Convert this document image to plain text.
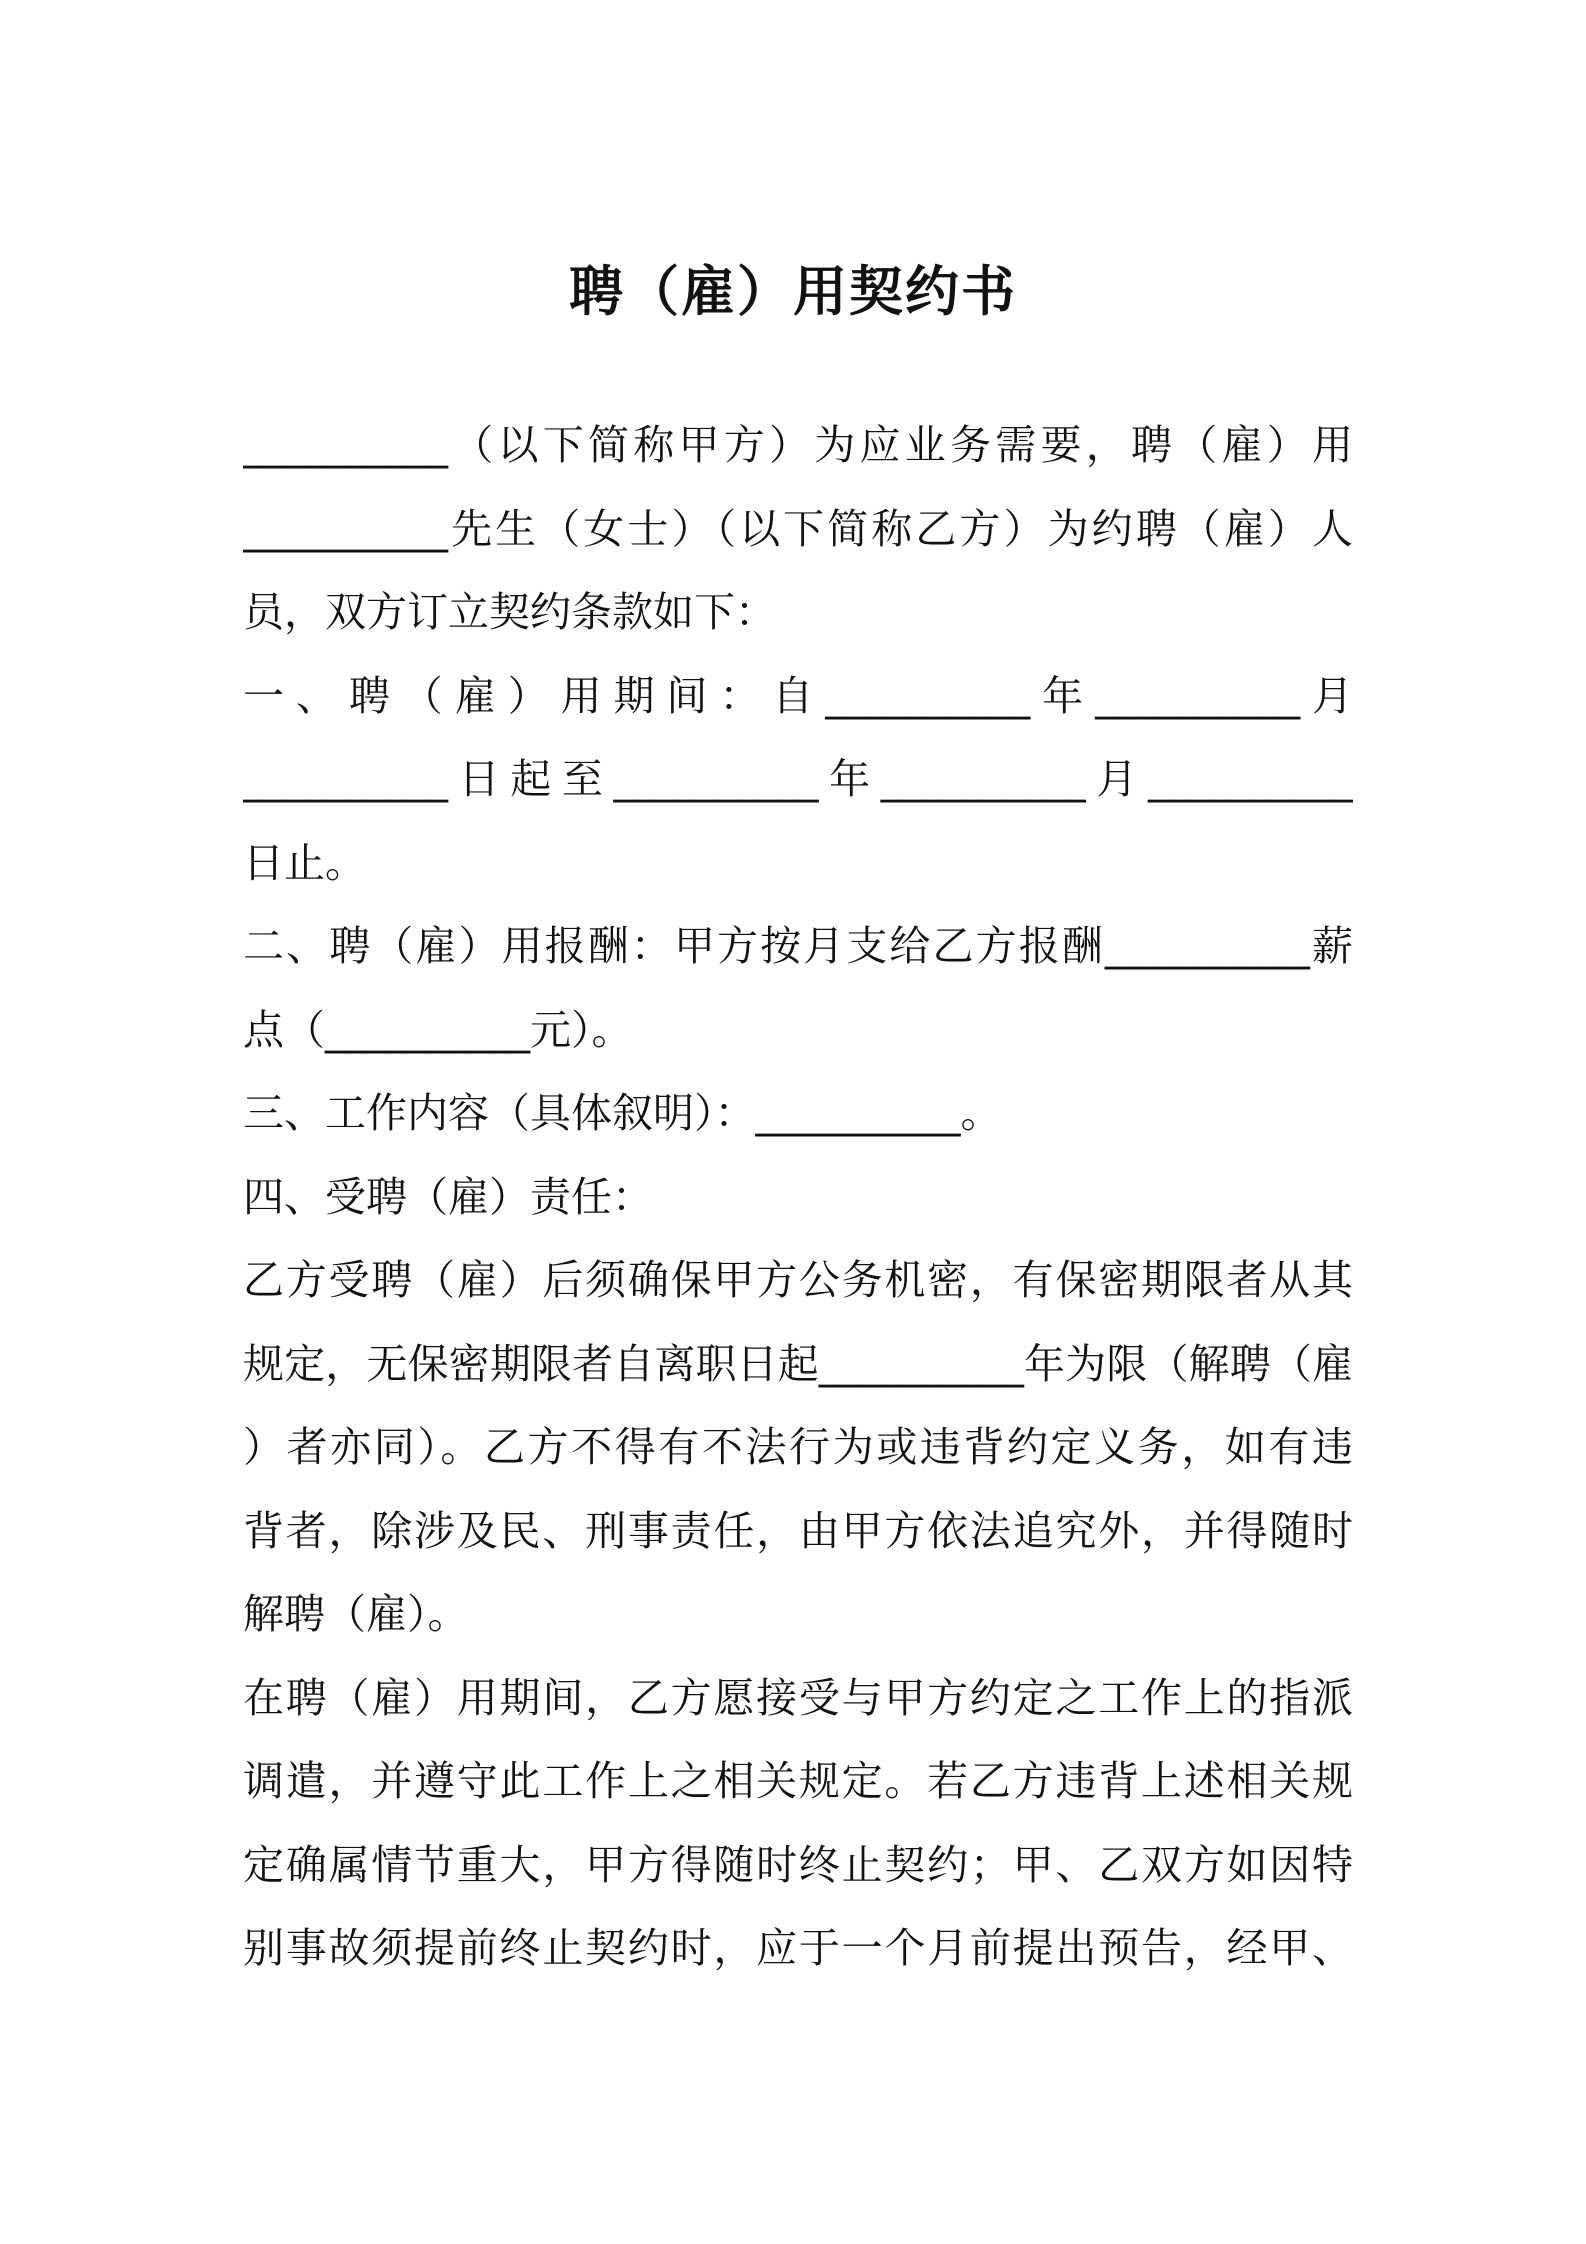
聘（雇）用契约书
__________（以下简称甲方）为应业务需要，聘（雇）用
__________先生（女士）（以下简称乙方）为约聘（雇）人
员，双方订立契约条款如下：
一、聘（雇）用期间：自__________年__________月
__________日起至__________年__________月__________
日止。
二、聘（雇）用报酬：甲方按月支给乙方报酬__________薪
点（__________元）。
三、工作内容（具体叙明）：__________。
四、受聘（雇）责任：
乙方受聘（雇）后须确保甲方公务机密，有保密期限者从其
规定，无保密期限者自离职日起__________年为限（解聘（雇
）者亦同）。乙方不得有不法行为或违背约定义务，如有违
背者，除涉及民、刑事责任，由甲方依法追究外，并得随时
解聘（雇）。
在聘（雇）用期间，乙方愿接受与甲方约定之工作上的指派
调遣，并遵守此工作上之相关规定。若乙方违背上述相关规
定确属情节重大，甲方得随时终止契约；甲、乙双方如因特
别事故须提前终止契约时，应于一个月前提出预告，经甲、
